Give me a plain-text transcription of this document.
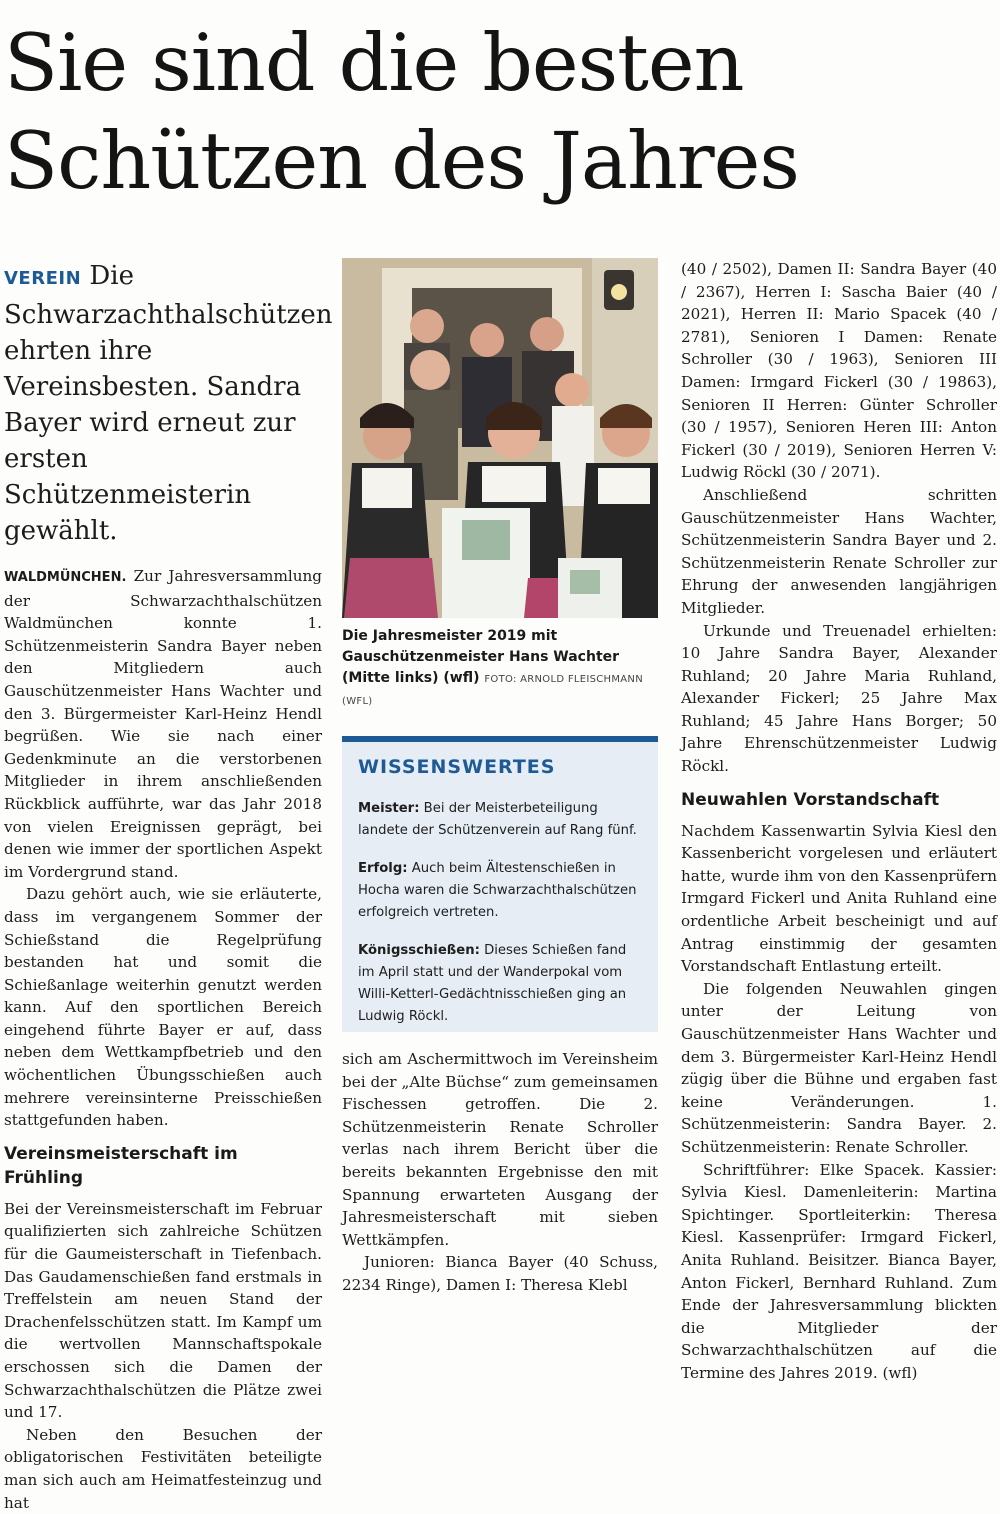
Sie sind die besten Schützen des Jahres
VEREIN Die Schwarzachthalschützen ehrten ihre Vereinsbesten. Sandra Bayer wird erneut zur ersten Schützenmeisterin gewählt.

WALDMÜNCHEN. Zur Jahresversammlung der Schwarzachthalschützen Waldmünchen konnte 1. Schützenmeisterin Sandra Bayer neben den Mitgliedern auch Gauschützenmeister Hans Wachter und den 3. Bürgermeister Karl-Heinz Hendl begrüßen. Wie sie nach einer Gedenkminute an die verstorbenen Mitglieder in ihrem anschließenden Rückblick aufführte, war das Jahr 2018 von vielen Ereignissen geprägt, bei denen wie immer der sportlichen Aspekt im Vordergrund stand.

Dazu gehört auch, wie sie erläuterte, dass im vergangenem Sommer der Schießstand die Regelprüfung bestanden hat und somit die Schießanlage weiterhin genutzt werden kann. Auf den sportlichen Bereich eingehend führte Bayer er auf, dass neben dem Wettkampfbetrieb und den wöchentlichen Übungsschießen auch mehrere vereinsinterne Preisschießen stattgefunden haben.

Vereinsmeisterschaft im Frühling

Bei der Vereinsmeisterschaft im Februar qualifizierten sich zahlreiche Schützen für die Gaumeisterschaft in Tiefenbach. Das Gaudamenschießen fand erstmals in Treffelstein am neuen Stand der Drachenfelsschützen statt. Im Kampf um die wertvollen Mannschaftspokale erschossen sich die Damen der Schwarzachthalschützen die Plätze zwei und 17.

Neben den Besuchen der obligatorischen Festivitäten beteiligte man sich auch am Heimatfesteinzug und hat

Die Jahresmeister 2019 mit Gauschützenmeister Hans Wachter (Mitte links) (wfl) FOTO: ARNOLD FLEISCHMANN (WFL)
WISSENSWERTES

Meister: Bei der Meisterbeteiligung landete der Schützenverein auf Rang fünf.

Erfolg: Auch beim Ältestenschießen in Hocha waren die Schwarzachthalschützen erfolgreich vertreten.

Königsschießen: Dieses Schießen fand im April statt und der Wanderpokal vom Willi-Ketterl-Gedächtnisschießen ging an Ludwig Röckl.

sich am Aschermittwoch im Vereinsheim bei der „Alte Büchse“ zum gemeinsamen Fischessen getroffen. Die 2. Schützenmeisterin Renate Schroller verlas nach ihrem Bericht über die bereits bekannten Ergebnisse den mit Spannung erwarteten Ausgang der Jahresmeisterschaft mit sieben Wettkämpfen.

Junioren: Bianca Bayer (40 Schuss, 2234 Ringe), Damen I: Theresa Klebl

(40 / 2502), Damen II: Sandra Bayer (40 / 2367), Herren I: Sascha Baier (40 / 2021), Herren II: Mario Spacek (40 / 2781), Senioren I Damen: Renate Schroller (30 / 1963), Senioren III Damen: Irmgard Fickerl (30 / 19863), Senioren II Herren: Günter Schroller (30 / 1957), Senioren Heren III: Anton Fickerl (30 / 2019), Senioren Herren V: Ludwig Röckl (30 / 2071).

Anschließend schritten Gauschützenmeister Hans Wachter, Schützenmeisterin Sandra Bayer und 2. Schützenmeisterin Renate Schroller zur Ehrung der anwesenden langjährigen Mitglieder.

Urkunde und Treuenadel erhielten: 10 Jahre Sandra Bayer, Alexander Ruhland; 20 Jahre Maria Ruhland, Alexander Fickerl; 25 Jahre Max Ruhland; 45 Jahre Hans Borger; 50 Jahre Ehrenschützenmeister Ludwig Röckl.

Neuwahlen Vorstandschaft

Nachdem Kassenwartin Sylvia Kiesl den Kassenbericht vorgelesen und erläutert hatte, wurde ihm von den Kassenprüfern Irmgard Fickerl und Anita Ruhland eine ordentliche Arbeit bescheinigt und auf Antrag einstimmig der gesamten Vorstandschaft Entlastung erteilt.

Die folgenden Neuwahlen gingen unter der Leitung von Gauschützenmeister Hans Wachter und dem 3. Bürgermeister Karl-Heinz Hendl zügig über die Bühne und ergaben fast keine Veränderungen. 1. Schützenmeisterin: Sandra Bayer. 2. Schützenmeisterin: Renate Schroller.

Schriftführer: Elke Spacek. Kassier: Sylvia Kiesl. Damenleiterin: Martina Spichtinger. Sportleiterkin: Theresa Kiesl. Kassenprüfer: Irmgard Fickerl, Anita Ruhland. Beisitzer. Bianca Bayer, Anton Fickerl, Bernhard Ruhland. Zum Ende der Jahresversammlung blickten die Mitglieder der Schwarzachthalschützen auf die Termine des Jahres 2019. (wfl)
